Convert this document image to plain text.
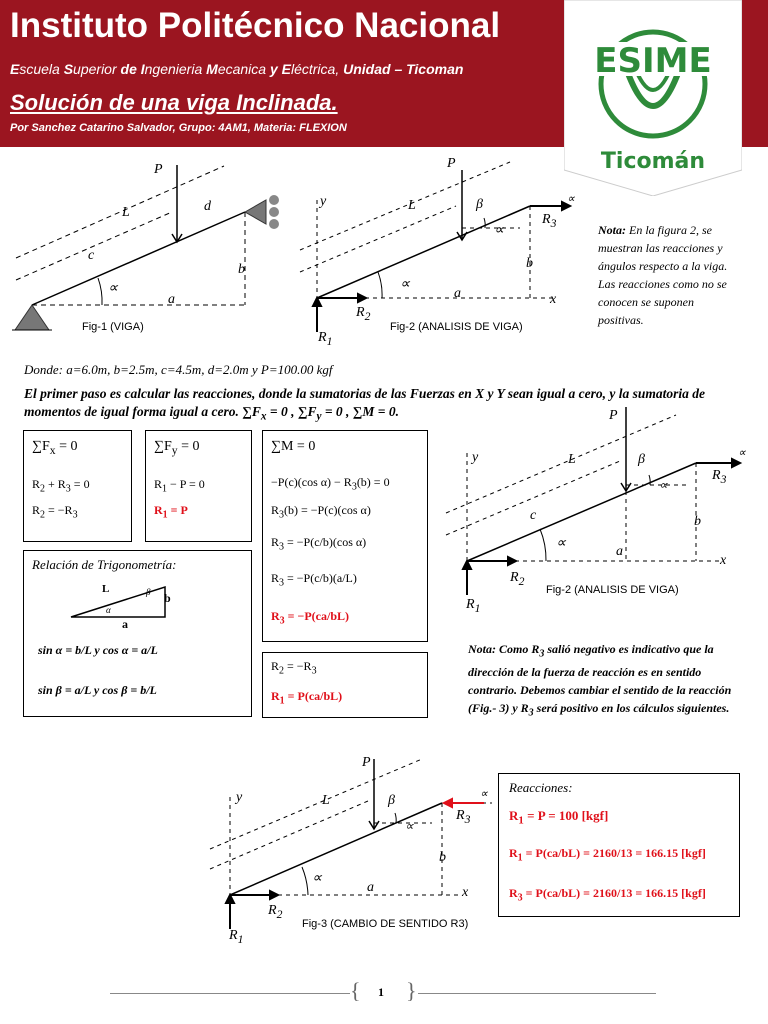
Instituto Politécnico Nacional
Escuela Superior de Ingenieria Mecanica y Eléctrica, Unidad – Ticoman
Solución de una viga Inclinada.
Por Sanchez Catarino Salvador, Grupo: 4AM1, Materia: FLEXION
ESIME
Ticomán
P
L	d
c
b
a
∝
Fig-1 (VIGA)
P
L	β
∝
∝
$R_3$
y
b
∝
a	x
$R_2$
$R_1$
Fig-2 (ANALISIS DE VIGA)
Nota: En la figura 2, se muestran las reacciones y ángulos respecto a la viga. Las reacciones como no se conocen se suponen positivas.
Donde: a=6.0m, b=2.5m, c=4.5m, d=2.0m y P=100.00 kgf
El primer paso es calcular las reacciones, donde la sumatorias de las Fuerzas en X y Y sean igual a cero, y la sumatoria de momentos de igual forma igual a cero. $\sum F_x = 0$ , $\sum F_y = 0$ , ∑M = 0.
$\sum F_x = 0$
$R_2 + R_3 = 0$
$R_2 = -R_3$
$\sum F_y = 0$
$R_1 - P = 0$
$R_1 = P$
∑M = 0
−P(c)(cos $\alpha) - R_3(b) = 0$
$R_3(b) = -P(c)(\cos$ α)
$R_3 = -P(c/b)(\cos$ α)
$R_3 = -P(c/b)(a/L)$
$R_3 = -P(ca/bL)$
Relación de Trigonometría:
L	β
α
b
a
sin α = b/L y cos α = a/L
sin β = a/L y cos β = b/L
$R_2 = -R_3$
$R_1 = P(ca/bL)$
P
L	β
∝
∝
$R_3$
y
b
c
∝
a
x
$R_2$
$R_1$
Fig-2 (ANALISIS DE VIGA)
Nota: Como $R_3$ salió negativo es indicativo que la dirección de la fuerza de reacción es en sentido contrario. Debemos cambiar el sentido de la reacción (Fig.- 3) y $R_3$ será positivo en los cálculos siguientes.
P
L	β
∝
∝
$R_3$
y
b
∝
a	x
$R_2$
$R_1$
Fig-3 (CAMBIO DE SENTIDO R3)
Reacciones:
$R_1 = P = 100$ [kgf]
$R_1 = P(ca/bL) = 2160/13 = 166.15$ [kgf]
$R_3 = P(ca/bL) = 2160/13 = 166.15$ [kgf]
{ }
1
